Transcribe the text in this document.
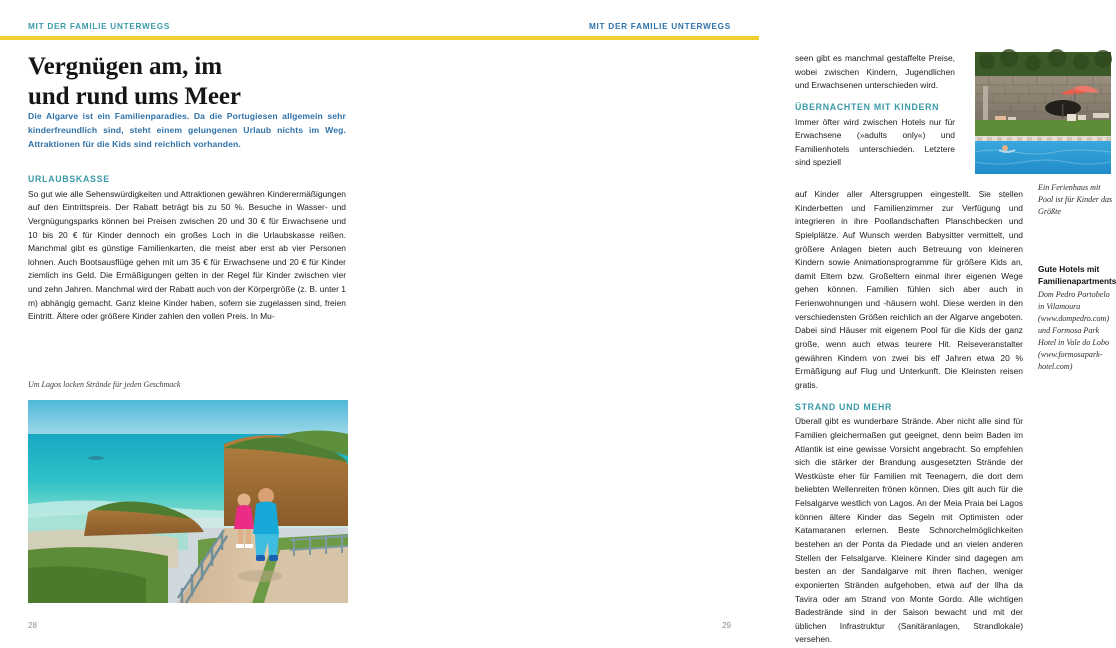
MIT DER FAMILIE UNTERWEGS
Vergnügen am, im
und rund ums Meer
Die Algarve ist ein Familienparadies. Da die Portugiesen allgemein sehr kinderfreundlich sind, steht einem gelungenen Urlaub nichts im Weg. Attraktionen für die Kids sind reichlich vorhanden.
URLAUBSKASSE

So gut wie alle Sehenswürdigkeiten und Attraktionen gewähren Kinderermäßigungen auf den Eintrittspreis. Der Rabatt beträgt bis zu 50 %. Besuche in Wasser- und Vergnügungsparks können bei Preisen zwischen 20 und 30 € für Erwachsene und 10 bis 20 € für Kinder dennoch ein großes Loch in die Urlaubskasse reißen. Manchmal gibt es günstige Familienkarten, die meist aber erst ab vier Personen lohnen. Auch Bootsausflüge gehen mit um 35 € für Erwachsene und 20 € für Kinder ziemlich ins Geld. Die Ermäßigungen gelten in der Regel für Kinder zwischen vier und zehn Jahren. Manchmal wird der Rabatt auch von der Körpergröße (z. B. unter 1 m) abhängig gemacht. Ganz kleine Kinder haben, sofern sie zugelassen sind, freien Eintritt. Ältere oder größere Kinder zahlen den vollen Preis. In Mu-

Um Lagos locken Strände für jeden Geschmack
28
MIT DER FAMILIE UNTERWEGS

seen gibt es manchmal gestaffelte Preise, wobei zwischen Kindern, Jugendlichen und Erwachsenen unterschieden wird.

ÜBERNACHTEN MIT KINDERN

Immer öfter wird zwischen Hotels nur für Erwachsene (»adults only«) und Familienhotels unterschieden. Letztere sind speziell

auf Kinder aller Altersgruppen eingestellt. Sie stellen Kinderbetten und Familienzimmer zur Verfügung und integrieren in ihre Poollandschaften Planschbecken und Spielplätze. Auf Wunsch werden Babysitter vermittelt, und größere Anlagen bieten auch Betreuung von kleineren Kindern sowie Animationsprogramme für größere Kids an, damit Eltern bzw. Großeltern einmal ihrer eigenen Wege gehen können. Familien fühlen sich aber auch in Ferienwohnungen und -häusern wohl. Diese werden in den verschiedensten Größen reichlich an der Algarve angeboten. Dabei sind Häuser mit eigenem Pool für die Kids der ganz große, wenn auch etwas teurere Hit. Reiseveranstalter gewähren Kindern von zwei bis elf Jahren etwa 20 % Ermäßigung auf Flug und Unterkunft. Die Kleinsten reisen gratis.

STRAND UND MEHR

Überall gibt es wunderbare Strände. Aber nicht alle sind für Familien gleichermaßen gut geeignet, denn beim Baden im Atlantik ist eine gewisse Vorsicht angebracht. So empfehlen sich die stärker der Brandung ausgesetzten Strände der Westküste eher für Familien mit Teenagern, die dort dem beliebten Wellenreiten frönen können. Dies gilt auch für die Felsalgarve westlich von Lagos. An der Meia Praia bei Lagos können ältere Kinder das Segeln mit Optimisten oder Katamaranen erlernen. Beste Schnorchelmöglichkeiten bestehen an der Ponta da Piedade und an vielen anderen Stellen der Felsalgarve. Kleinere Kinder sind dagegen am besten an der Sandalgarve mit ihren flachen, weniger exponierten Stränden aufgehoben, etwa auf der Ilha da Tavira oder am Strand von Monte Gordo. Alle wichtigen Badestrände sind in der Saison bewacht und mit der üblichen Infrastruktur (Sanitäranlagen, Strandlokale) versehen.

Ein Ferienhaus mit Pool ist für Kinder das Größte
Gute Hotels mit Familienapartments
Dom Pedro Portobelo in Vilamoura (www.dompedro.com) und Formosa Park Hotel in Vale do Lobo (www.formosapark-hotel.com)
29
